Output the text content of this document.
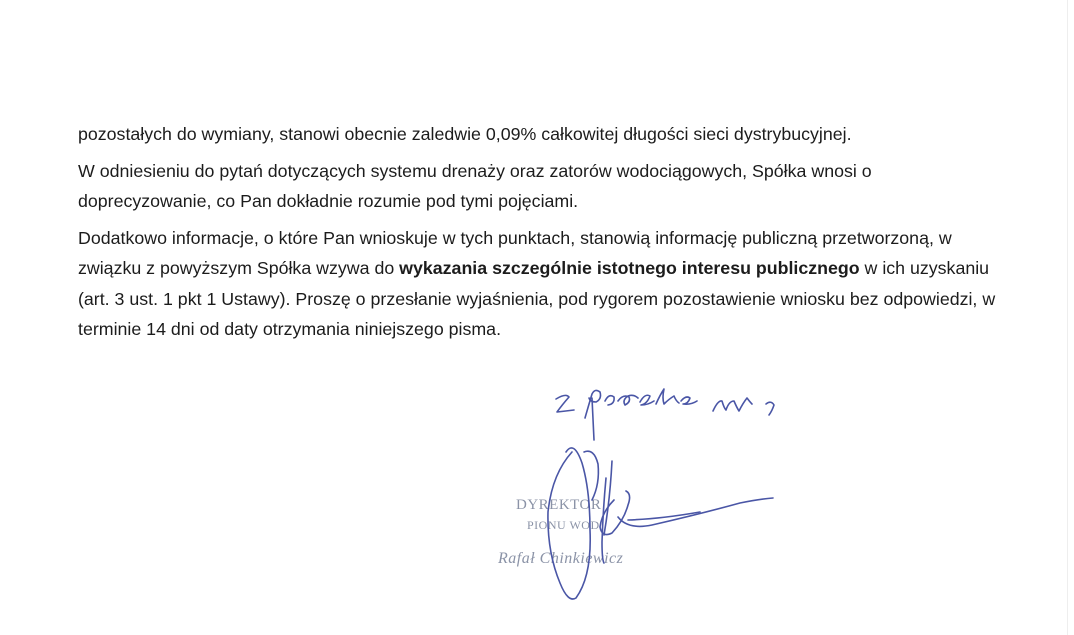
pozostałych do wymiany, stanowi obecnie zaledwie 0,09% całkowitej długości sieci dystrybucyjnej.

W odniesieniu do pytań dotyczących systemu drenaży oraz zatorów wodociągowych, Spółka wnosi o doprecyzowanie, co Pan dokładnie rozumie pod tymi pojęciami.

Dodatkowo informacje, o które Pan wnioskuje w tych punktach, stanowią informację publiczną przetworzoną, w związku z powyższym Spółka wzywa do wykazania szczególnie istotnego interesu publicznego w ich uzyskaniu (art. 3 ust. 1 pkt 1 Ustawy). Proszę o przesłanie wyjaśnienia, pod rygorem pozostawienie wniosku bez odpowiedzi, w terminie 14 dni od daty otrzymania niniejszego pisma.

DYREKTOR
PIONU WOD
Rafał Chinkiewicz
